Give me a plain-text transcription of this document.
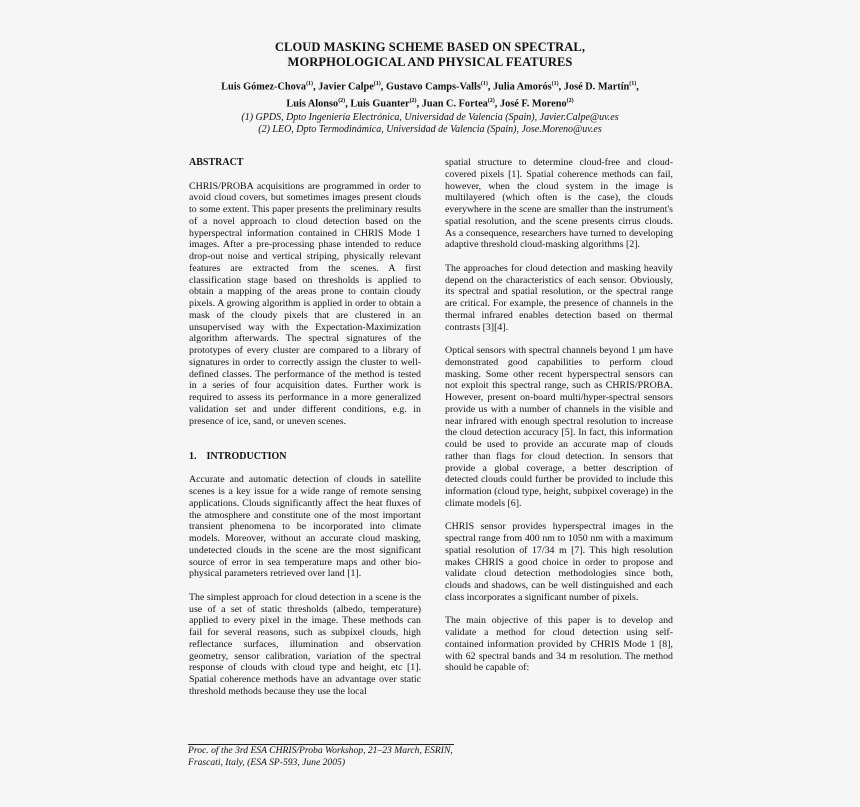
CLOUD MASKING SCHEME BASED ON SPECTRAL,
MORPHOLOGICAL AND PHYSICAL FEATURES
Luis Gómez-Chova$^{(1)}$, Javier Calpe$^{(1)}$, Gustavo Camps-Valls$^{(1)}$, Julia Amorós$^{(1)}$, José D. Martín$^{(1)}$,
Luis Alonso$^{(2)}$, Luis Guanter$^{(2)}$, Juan C. Fortea$^{(2)}$, José F. Moreno$^{(2)}$
(1) GPDS, Dpto Ingeniería Electrónica, Universidad de Valencia (Spain), Javier.Calpe@uv.es
(2) LEO, Dpto Termodinámica, Universidad de Valencia (Spain), Jose.Moreno@uv.es
ABSTRACT

CHRIS/PROBA acquisitions are programmed in order to avoid cloud covers, but sometimes images present clouds to some extent. This paper presents the preliminary results of a novel approach to cloud detection based on the hyperspectral information contained in CHRIS Mode 1 images. After a pre-processing phase intended to reduce drop-out noise and vertical striping, physically relevant features are extracted from the scenes. A first classification stage based on thresholds is applied to obtain a mapping of the areas prone to contain cloudy pixels. A growing algorithm is applied in order to obtain a mask of the cloudy pixels that are clustered in an unsupervised way with the Expectation-Maximization algorithm afterwards. The spectral signatures of the prototypes of every cluster are compared to a library of signatures in order to correctly assign the cluster to well-defined classes. The performance of the method is tested in a series of four acquisition dates. Further work is required to assess its performance in a more generalized validation set and under different conditions, e.g. in presence of ice, sand, or uneven scenes.

1.    INTRODUCTION

Accurate and automatic detection of clouds in satellite scenes is a key issue for a wide range of remote sensing applications. Clouds significantly affect the heat fluxes of the atmosphere and constitute one of the most important transient phenomena to be incorporated into climate models. Moreover, without an accurate cloud masking, undetected clouds in the scene are the most significant source of error in sea temperature maps and other bio-physical parameters retrieved over land [1].

The simplest approach for cloud detection in a scene is the use of a set of static thresholds (albedo, temperature) applied to every pixel in the image. These methods can fail for several reasons, such as subpixel clouds, high reflectance surfaces, illumination and observation geometry, sensor calibration, variation of the spectral response of clouds with cloud type and height, etc [1]. Spatial coherence methods have an advantage over static threshold methods because they use the local

spatial structure to determine cloud-free and cloud-covered pixels [1]. Spatial coherence methods can fail, however, when the cloud system in the image is multilayered (which often is the case), the clouds everywhere in the scene are smaller than the instrument's spatial resolution, and the scene presents cirrus clouds. As a consequence, researchers have turned to developing adaptive threshold cloud-masking algorithms [2].

The approaches for cloud detection and masking heavily depend on the characteristics of each sensor. Obviously, its spectral and spatial resolution, or the spectral range are critical. For example, the presence of channels in the thermal infrared enables detection based on thermal contrasts [3][4].

Optical sensors with spectral channels beyond 1 μm have demonstrated good capabilities to perform cloud masking. Some other recent hyperspectral sensors can not exploit this spectral range, such as CHRIS/PROBA. However, present on-board multi/hyper-spectral sensors provide us with a number of channels in the visible and near infrared with enough spectral resolution to increase the cloud detection accuracy [5]. In fact, this information could be used to provide an accurate map of clouds rather than flags for cloud detection. In sensors that provide a global coverage, a better description of detected clouds could further be provided to include this information (cloud type, height, subpixel coverage) in the climate models [6].

CHRIS sensor provides hyperspectral images in the spectral range from 400 nm to 1050 nm with a maximum spatial resolution of 17/34 m [7]. This high resolution makes CHRIS a good choice in order to propose and validate cloud detection methodologies since both, clouds and shadows, can be well distinguished and each class incorporates a significant number of pixels.

The main objective of this paper is to develop and validate a method for cloud detection using self-contained information provided by CHRIS Mode 1 [8], with 62 spectral bands and 34 m resolution. The method should be capable of:

Proc. of the 3rd ESA CHRIS/Proba Workshop, 21–23 March, ESRIN,
Frascati, Italy, (ESA SP-593, June 2005)
